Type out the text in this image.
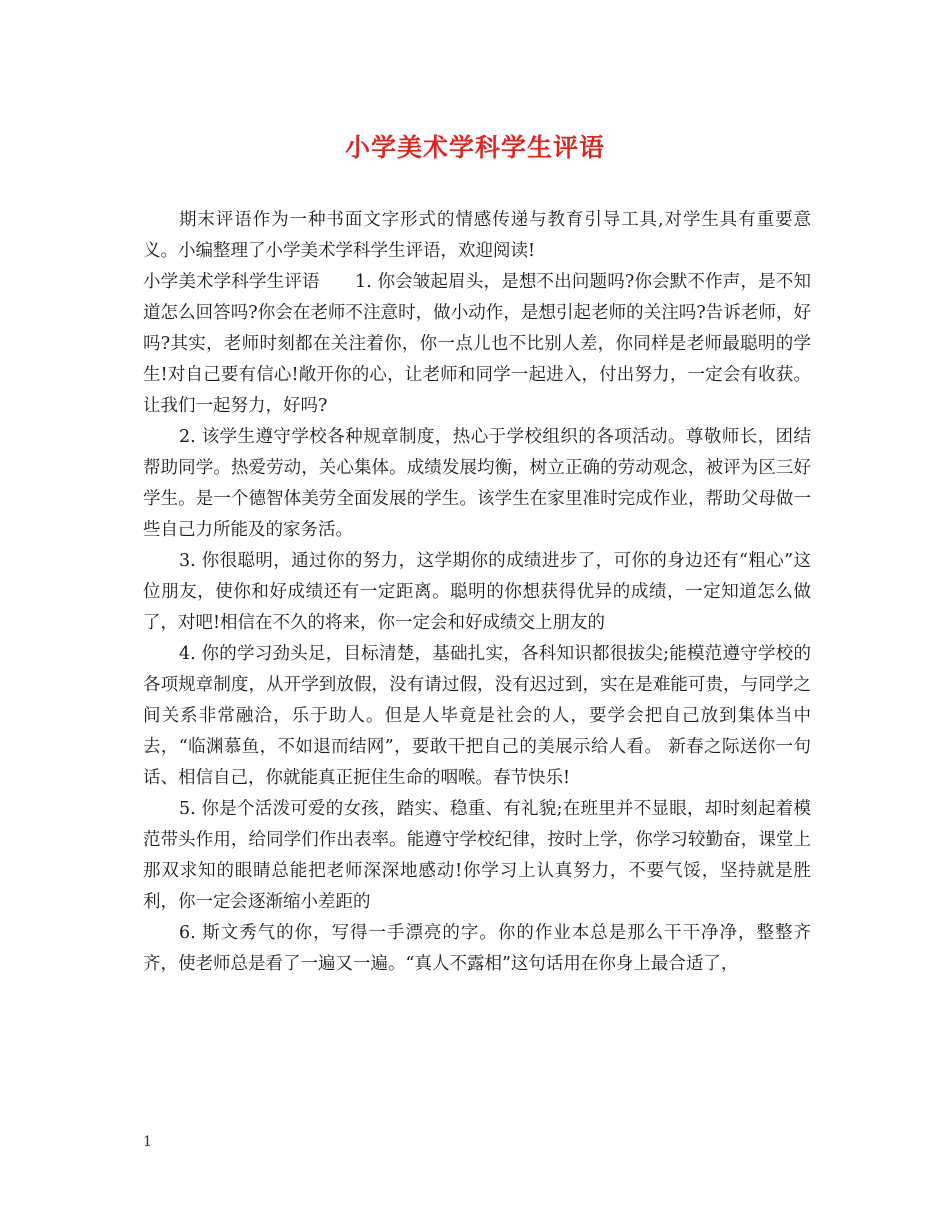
小学美术学科学生评语

期末评语作为一种书面文字形式的情感传递与教育引导工具,对学生具有重要意义。小编整理了小学美术学科学生评语，欢迎阅读!

小学美术学科学生评语　　1. 你会皱起眉头，是想不出问题吗?你会默不作声，是不知道怎么回答吗?你会在老师不注意时，做小动作，是想引起老师的关注吗?告诉老师，好吗?其实，老师时刻都在关注着你，你一点儿也不比别人差，你同样是老师最聪明的学生!对自己要有信心!敞开你的心，让老师和同学一起进入，付出努力，一定会有收获。让我们一起努力，好吗?

2. 该学生遵守学校各种规章制度，热心于学校组织的各项活动。尊敬师长，团结帮助同学。热爱劳动，关心集体。成绩发展均衡，树立正确的劳动观念，被评为区三好学生。是一个德智体美劳全面发展的学生。该学生在家里准时完成作业，帮助父母做一些自己力所能及的家务活。

3. 你很聪明，通过你的努力，这学期你的成绩进步了，可你的身边还有“粗心”这位朋友，使你和好成绩还有一定距离。聪明的你想获得优异的成绩，一定知道怎么做了，对吧!相信在不久的将来，你一定会和好成绩交上朋友的

4. 你的学习劲头足，目标清楚，基础扎实，各科知识都很拔尖;能模范遵守学校的各项规章制度，从开学到放假，没有请过假，没有迟过到，实在是难能可贵，与同学之间关系非常融洽，乐于助人。但是人毕竟是社会的人，要学会把自己放到集体当中去，“临渊慕鱼，不如退而结网”，要敢干把自己的美展示给人看。 新春之际送你一句话、相信自己，你就能真正扼住生命的咽喉。春节快乐!

5. 你是个活泼可爱的女孩，踏实、稳重、有礼貌;在班里并不显眼，却时刻起着模范带头作用，给同学们作出表率。能遵守学校纪律，按时上学，你学习较勤奋，课堂上那双求知的眼睛总能把老师深深地感动!你学习上认真努力，不要气馁，坚持就是胜利，你一定会逐渐缩小差距的

6. 斯文秀气的你，写得一手漂亮的字。你的作业本总是那么干干净净，整整齐齐，使老师总是看了一遍又一遍。“真人不露相”这句话用在你身上最合适了，

1
